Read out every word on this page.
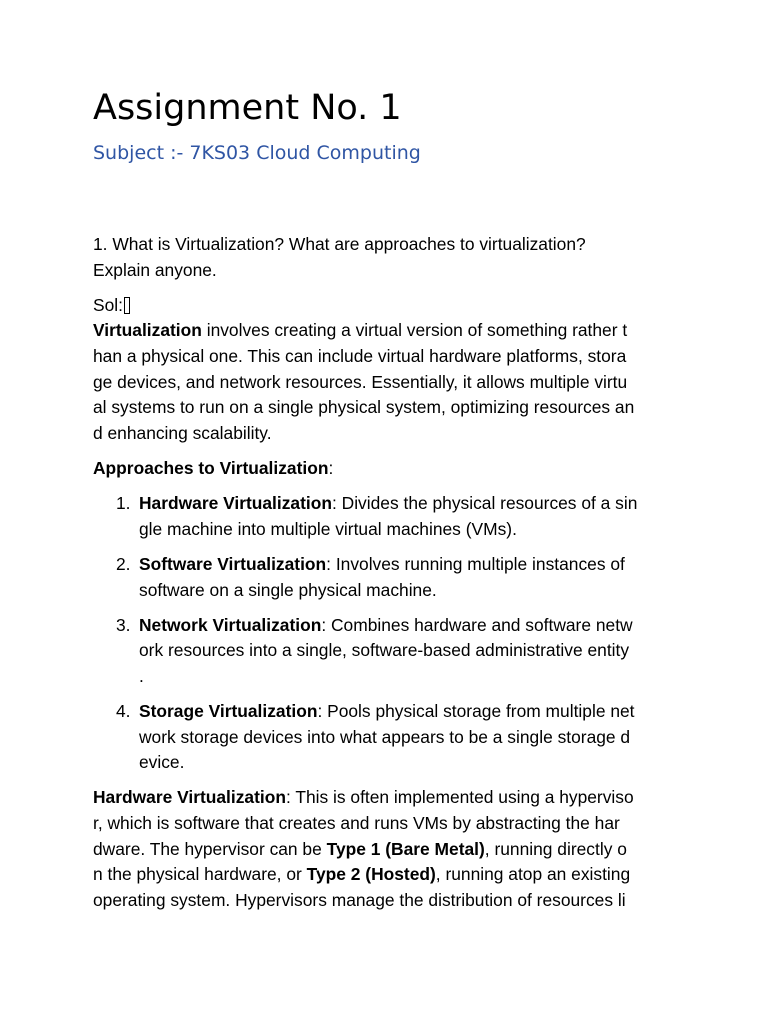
Assignment No. 1
Subject :- 7KS03 Cloud Computing
1. What is Virtualization? What are approaches to virtualization?
Explain anyone.
Sol:
Virtualization involves creating a virtual version of something rather t
han a physical one. This can include virtual hardware platforms, stora
ge devices, and network resources. Essentially, it allows multiple virtu
al systems to run on a single physical system, optimizing resources an
d enhancing scalability.
Approaches to Virtualization:
1. Hardware Virtualization: Divides the physical resources of a sin
gle machine into multiple virtual machines (VMs).
2. Software Virtualization: Involves running multiple instances of
software on a single physical machine.
3. Network Virtualization: Combines hardware and software netw
ork resources into a single, software-based administrative entity
.
4. Storage Virtualization: Pools physical storage from multiple net
work storage devices into what appears to be a single storage d
evice.
Hardware Virtualization: This is often implemented using a hyperviso
r, which is software that creates and runs VMs by abstracting the har
dware. The hypervisor can be Type 1 (Bare Metal), running directly o
n the physical hardware, or Type 2 (Hosted), running atop an existing
operating system. Hypervisors manage the distribution of resources li
